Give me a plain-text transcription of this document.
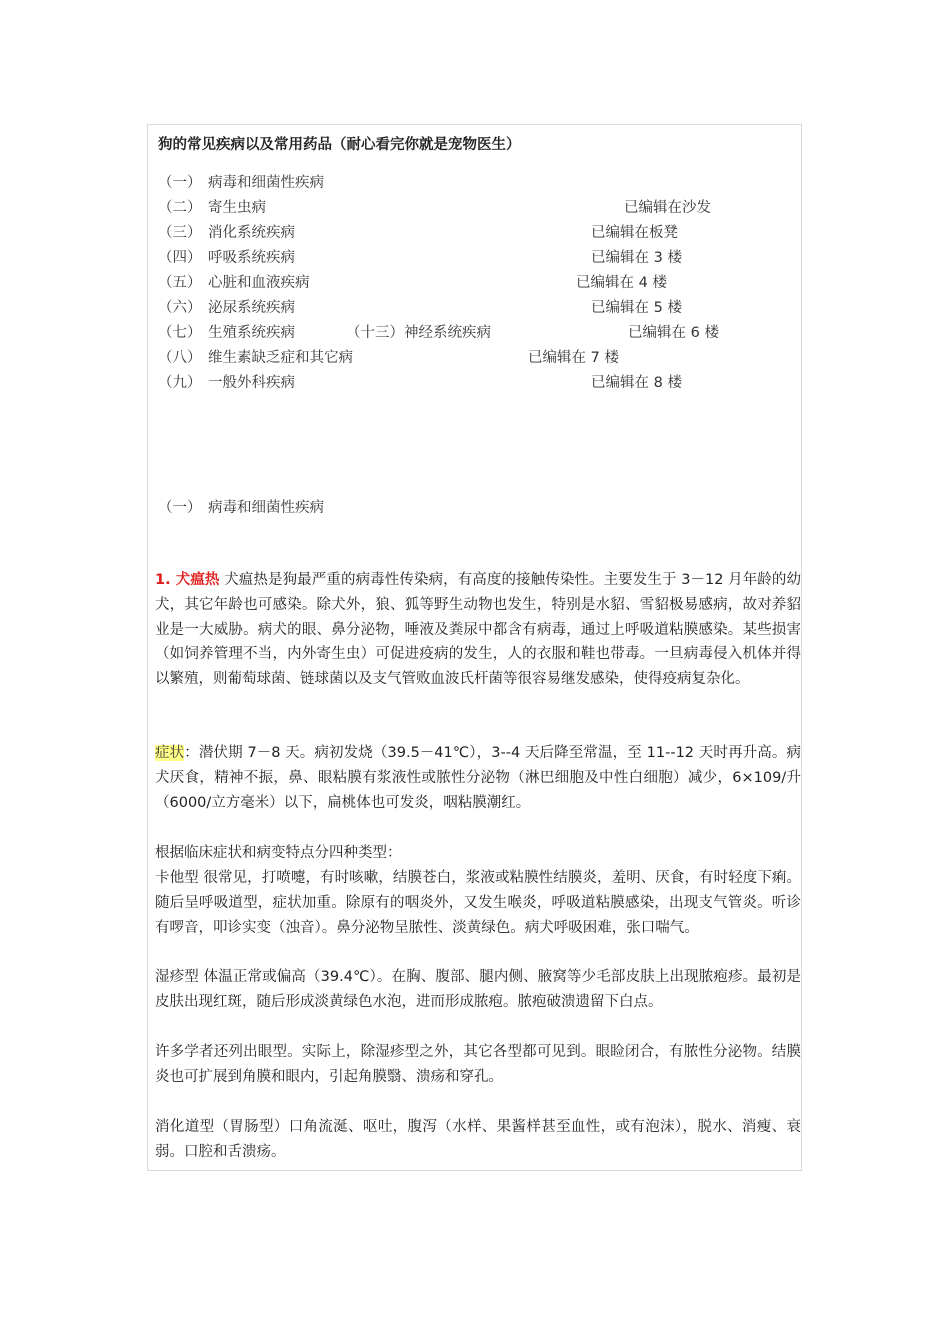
狗的常见疾病以及常用药品（耐心看完你就是宠物医生）
（一） 病毒和细菌性疾病
（二） 寄生虫病	已编辑在沙发
（三） 消化系统疾病	已编辑在板凳
（四） 呼吸系统疾病	已编辑在 3 楼
（五） 心脏和血液疾病	已编辑在 4 楼
（六） 泌尿系统疾病	已编辑在 5 楼
（七） 生殖系统疾病	（十三）神经系统疾病	已编辑在 6 楼
（八） 维生素缺乏症和其它病	已编辑在 7 楼
（九） 一般外科疾病	已编辑在 8 楼
（一） 病毒和细菌性疾病
1. 犬瘟热 犬瘟热是狗最严重的病毒性传染病，有高度的接触传染性。主要发生于 3－12 月年龄的幼犬，其它年龄也可感染。除犬外，狼、狐等野生动物也发生，特别是水貂、雪貂极易感病，故对养貂业是一大威胁。病犬的眼、鼻分泌物，唾液及粪尿中都含有病毒，通过上呼吸道粘膜感染。某些损害（如饲养管理不当，内外寄生虫）可促进疫病的发生，人的衣服和鞋也带毒。一旦病毒侵入机体并得以繁殖，则葡萄球菌、链球菌以及支气管败血波氏杆菌等很容易继发感染，使得疫病复杂化。
症状：潜伏期 7－8 天。病初发烧（39.5－41℃），3--4 天后降至常温，至 11--12 天时再升高。病犬厌食，精神不振，鼻、眼粘膜有浆液性或脓性分泌物（淋巴细胞及中性白细胞）减少，6×109/升（6000/立方毫米）以下，扁桃体也可发炎，咽粘膜潮红。
根据临床症状和病变特点分四种类型：
卡他型 很常见，打喷嚏，有时咳嗽，结膜苍白，浆液或粘膜性结膜炎，羞明、厌食，有时轻度下痢。随后呈呼吸道型，症状加重。除原有的咽炎外，又发生喉炎，呼吸道粘膜感染，出现支气管炎。听诊有啰音，叩诊实变（浊音）。鼻分泌物呈脓性、淡黄绿色。病犬呼吸困难，张口喘气。
湿疹型 体温正常或偏高（39.4℃）。在胸、腹部、腿内侧、腋窝等少毛部皮肤上出现脓疱疹。最初是皮肤出现红斑，随后形成淡黄绿色水泡，进而形成脓疱。脓疱破溃遗留下白点。
许多学者还列出眼型。实际上，除湿疹型之外，其它各型都可见到。眼睑闭合，有脓性分泌物。结膜炎也可扩展到角膜和眼内，引起角膜翳、溃疡和穿孔。
消化道型（胃肠型）口角流涎、呕吐，腹泻（水样、果酱样甚至血性，或有泡沫），脱水、消瘦、衰弱。口腔和舌溃疡。
